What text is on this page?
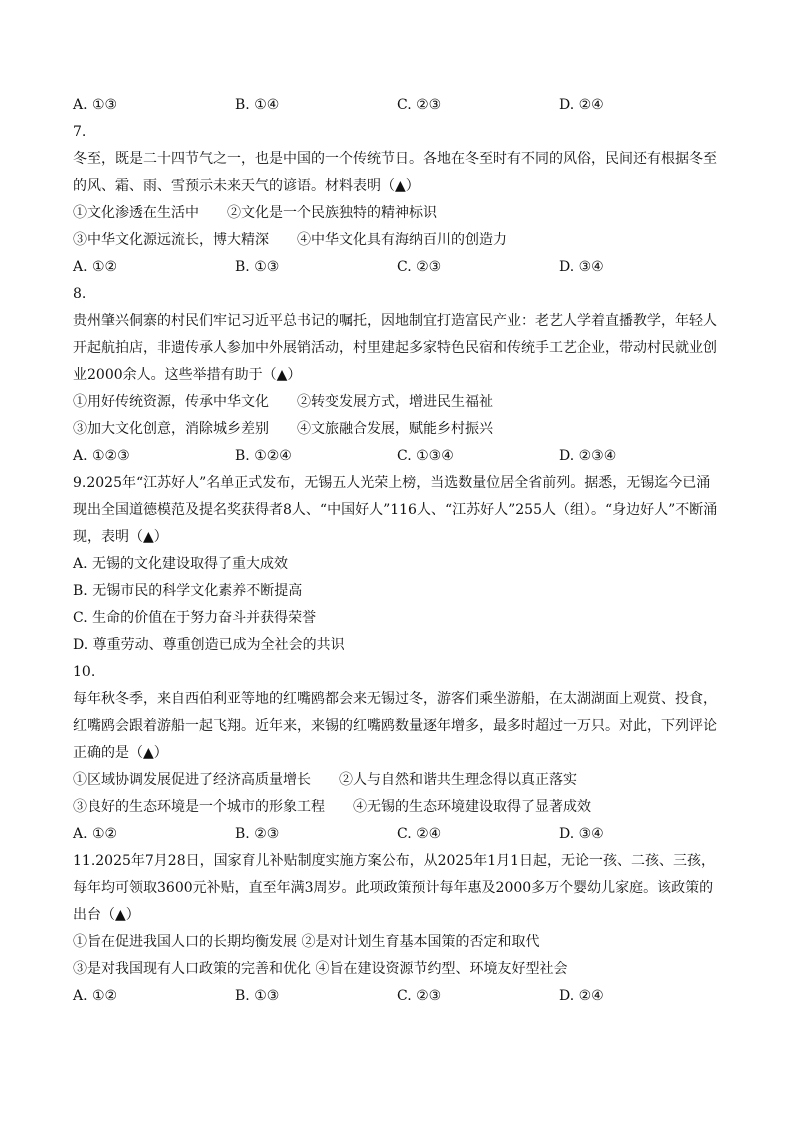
A. ①③	B. ①④	C. ②③	D. ②④
7.
冬至，既是二十四节气之一，也是中国的一个传统节日。各地在冬至时有不同的风俗，民间还有根据冬至的风、霜、雨、雪预示未来天气的谚语。材料表明（▲）
①文化渗透在生活中　　②文化是一个民族独特的精神标识
③中华文化源远流长，博大精深　　④中华文化具有海纳百川的创造力
A. ①②	B. ①③	C. ②③	D. ③④
8.
贵州肇兴侗寨的村民们牢记习近平总书记的嘱托，因地制宜打造富民产业：老艺人学着直播教学，年轻人开起航拍店，非遗传承人参加中外展销活动，村里建起多家特色民宿和传统手工艺企业，带动村民就业创业2000余人。这些举措有助于（▲）
①用好传统资源，传承中华文化　　②转变发展方式，增进民生福祉
③加大文化创意，消除城乡差别　　④文旅融合发展，赋能乡村振兴
A. ①②③	B. ①②④	C. ①③④	D. ②③④
9.2025年“江苏好人”名单正式发布，无锡五人光荣上榜，当选数量位居全省前列。据悉，无锡迄今已涌现出全国道德模范及提名奖获得者8人、“中国好人”116人、“江苏好人”255人（组）。“身边好人”不断涌现，表明（▲）
A. 无锡的文化建设取得了重大成效
B. 无锡市民的科学文化素养不断提高
C. 生命的价值在于努力奋斗并获得荣誉
D. 尊重劳动、尊重创造已成为全社会的共识
10.
每年秋冬季，来自西伯利亚等地的红嘴鸥都会来无锡过冬，游客们乘坐游船，在太湖湖面上观赏、投食，红嘴鸥会跟着游船一起飞翔。近年来，来锡的红嘴鸥数量逐年增多，最多时超过一万只。对此，下列评论正确的是（▲）
①区域协调发展促进了经济高质量增长　　②人与自然和谐共生理念得以真正落实
③良好的生态环境是一个城市的形象工程　　④无锡的生态环境建设取得了显著成效
A. ①②	B. ②③	C. ②④	D. ③④
11.2025年7月28日，国家育儿补贴制度实施方案公布，从2025年1月1日起，无论一孩、二孩、三孩，每年均可领取3600元补贴，直至年满3周岁。此项政策预计每年惠及2000多万个婴幼儿家庭。该政策的出台（▲）
①旨在促进我国人口的长期均衡发展 ②是对计划生育基本国策的否定和取代
③是对我国现有人口政策的完善和优化 ④旨在建设资源节约型、环境友好型社会
A. ①②	B. ①③	C. ②③	D. ②④
